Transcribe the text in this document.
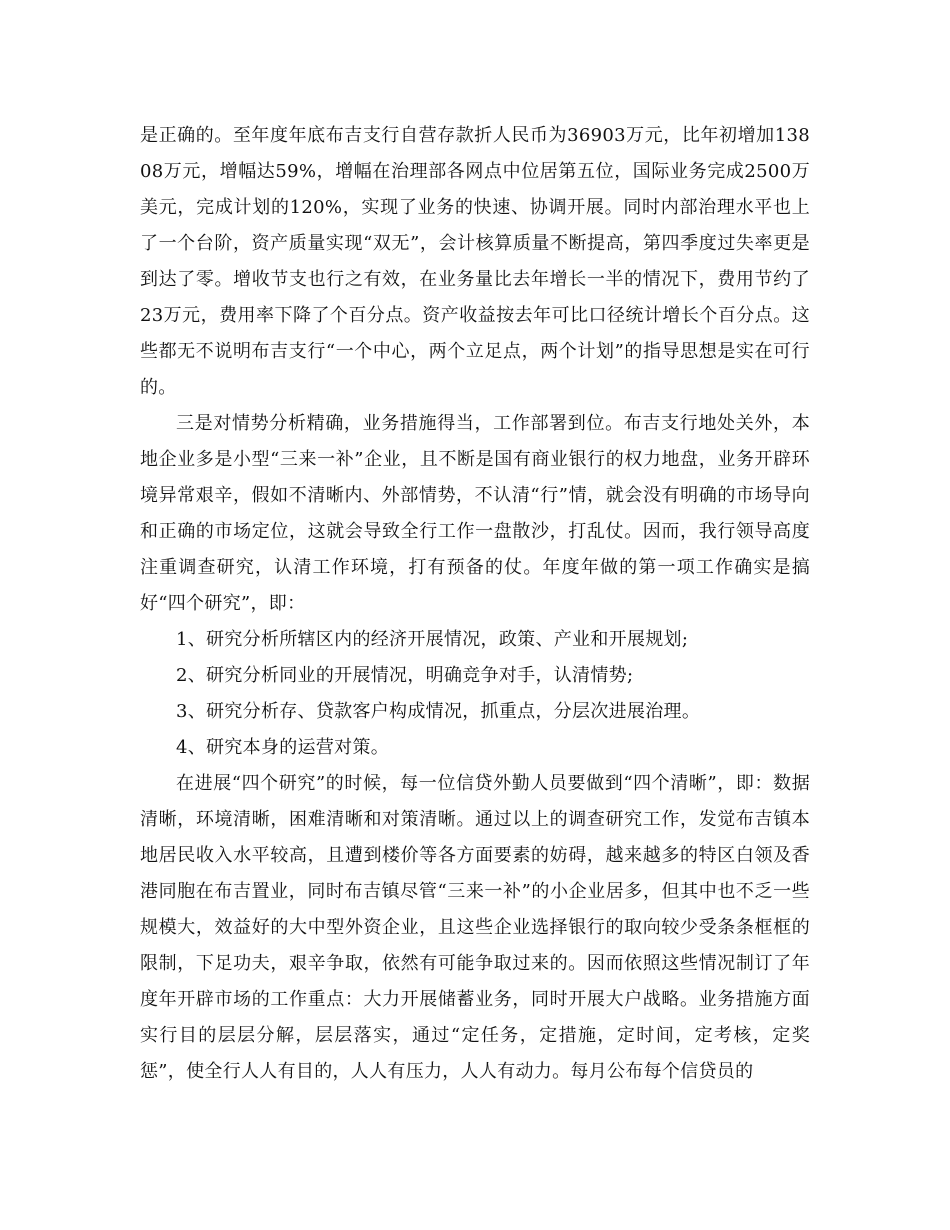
是正确的。至年度年底布吉支行自营存款折人民币为36903万元，比年初增加13808万元，增幅达59%，增幅在治理部各网点中位居第五位，国际业务完成2500万美元，完成计划的120%，实现了业务的快速、协调开展。同时内部治理水平也上了一个台阶，资产质量实现“双无”，会计核算质量不断提高，第四季度过失率更是到达了零。增收节支也行之有效，在业务量比去年增长一半的情况下，费用节约了23万元，费用率下降了个百分点。资产收益按去年可比口径统计增长个百分点。这些都无不说明布吉支行“一个中心，两个立足点，两个计划”的指导思想是实在可行的。

三是对情势分析精确，业务措施得当，工作部署到位。布吉支行地处关外，本地企业多是小型“三来一补”企业，且不断是国有商业银行的权力地盘，业务开辟环境异常艰辛，假如不清晰内、外部情势，不认清“行”情，就会没有明确的市场导向和正确的市场定位，这就会导致全行工作一盘散沙，打乱仗。因而，我行领导高度注重调查研究，认清工作环境，打有预备的仗。年度年做的第一项工作确实是搞好“四个研究”，即：

1、研究分析所辖区内的经济开展情况，政策、产业和开展规划;

2、研究分析同业的开展情况，明确竞争对手，认清情势;

3、研究分析存、贷款客户构成情况，抓重点，分层次进展治理。

4、研究本身的运营对策。

在进展“四个研究”的时候，每一位信贷外勤人员要做到“四个清晰”，即：数据清晰，环境清晰，困难清晰和对策清晰。通过以上的调查研究工作，发觉布吉镇本地居民收入水平较高，且遭到楼价等各方面要素的妨碍，越来越多的特区白领及香港同胞在布吉置业，同时布吉镇尽管“三来一补”的小企业居多，但其中也不乏一些规模大，效益好的大中型外资企业，且这些企业选择银行的取向较少受条条框框的限制，下足功夫，艰辛争取，依然有可能争取过来的。因而依照这些情况制订了年度年开辟市场的工作重点：大力开展储蓄业务，同时开展大户战略。业务措施方面实行目的层层分解，层层落实，通过“定任务，定措施，定时间，定考核，定奖惩”，使全行人人有目的，人人有压力，人人有动力。每月公布每个信贷员的
